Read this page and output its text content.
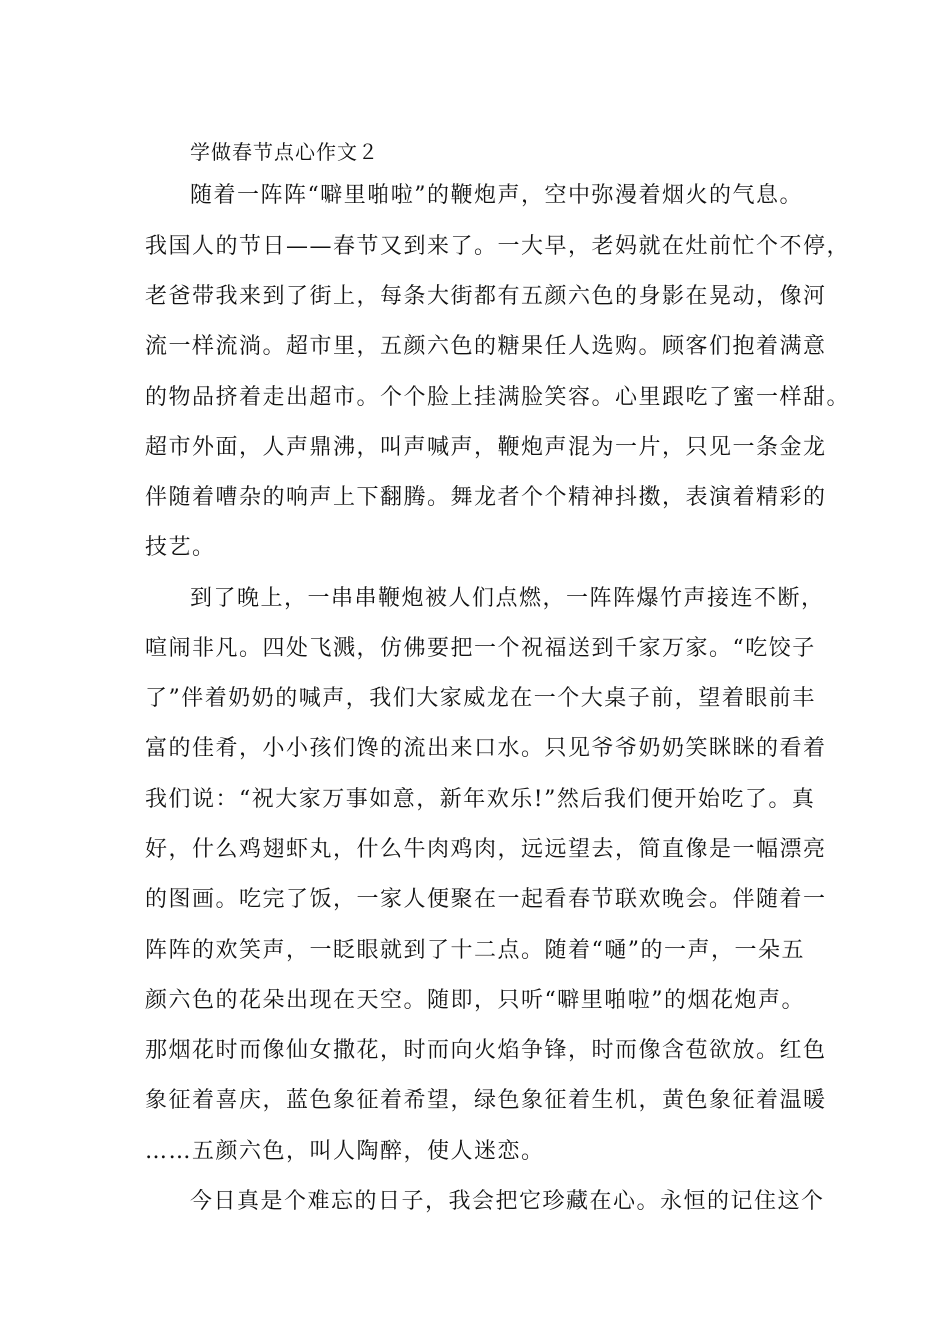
学做春节点心作文２
随着一阵阵“噼里啪啦”的鞭炮声，空中弥漫着烟火的气息。
我国人的节日——春节又到来了。一大早，老妈就在灶前忙个不停，
老爸带我来到了街上，每条大街都有五颜六色的身影在晃动，像河
流一样流淌。超市里，五颜六色的糖果任人选购。顾客们抱着满意
的物品挤着走出超市。个个脸上挂满脸笑容。心里跟吃了蜜一样甜。
超市外面，人声鼎沸，叫声喊声，鞭炮声混为一片，只见一条金龙
伴随着嘈杂的响声上下翻腾。舞龙者个个精神抖擞，表演着精彩的
技艺。
到了晚上，一串串鞭炮被人们点燃，一阵阵爆竹声接连不断，
喧闹非凡。四处飞溅，仿佛要把一个祝福送到千家万家。“吃饺子
了”伴着奶奶的喊声，我们大家威龙在一个大桌子前，望着眼前丰
富的佳肴，小小孩们馋的流出来口水。只见爷爷奶奶笑眯眯的看着
我们说：“祝大家万事如意，新年欢乐!”然后我们便开始吃了。真
好，什么鸡翅虾丸，什么牛肉鸡肉，远远望去，简直像是一幅漂亮
的图画。吃完了饭，一家人便聚在一起看春节联欢晚会。伴随着一
阵阵的欢笑声，一眨眼就到了十二点。随着“嗵”的一声，一朵五
颜六色的花朵出现在天空。随即，只听“噼里啪啦”的烟花炮声。
那烟花时而像仙女撒花，时而向火焰争锋，时而像含苞欲放。红色
象征着喜庆，蓝色象征着希望，绿色象征着生机，黄色象征着温暖
……五颜六色，叫人陶醉，使人迷恋。
今日真是个难忘的日子，我会把它珍藏在心。永恒的记住这个
